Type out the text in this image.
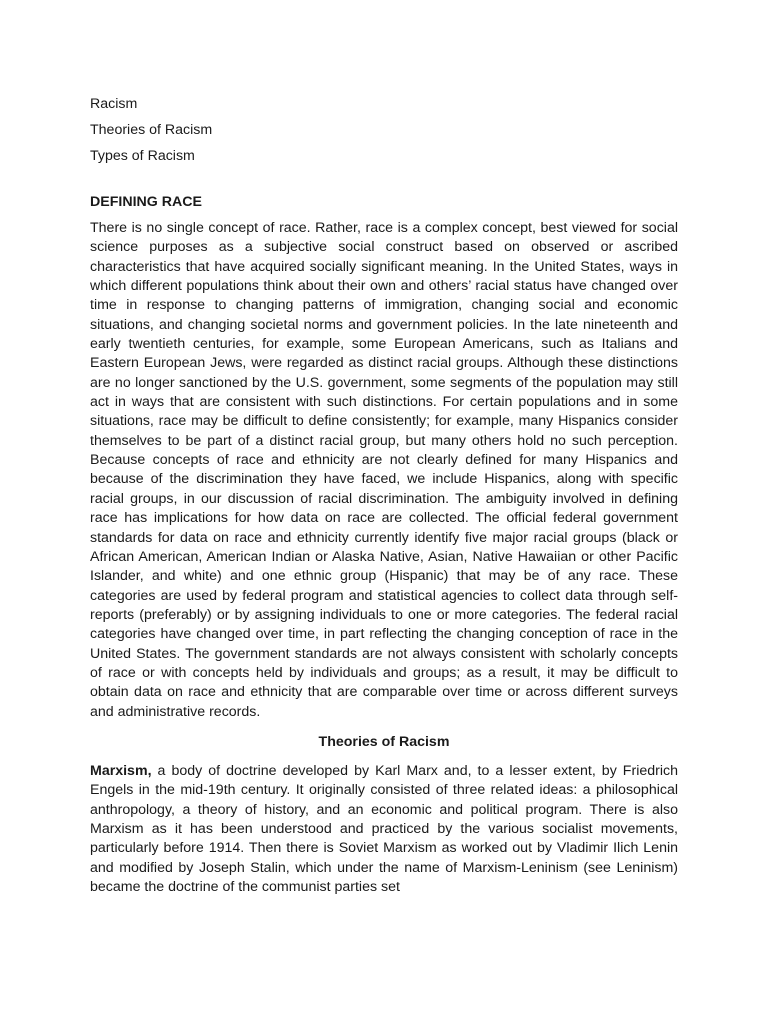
Racism

Theories of Racism

Types of Racism

DEFINING RACE

There is no single concept of race. Rather, race is a complex concept, best viewed for social science purposes as a subjective social construct based on observed or ascribed characteristics that have acquired socially significant meaning. In the United States, ways in which different populations think about their own and others’ racial status have changed over time in response to changing patterns of immigration, changing social and economic situations, and changing societal norms and government policies. In the late nineteenth and early twentieth centuries, for example, some European Americans, such as Italians and Eastern European Jews, were regarded as distinct racial groups. Although these distinctions are no longer sanctioned by the U.S. government, some segments of the population may still act in ways that are consistent with such distinctions. For certain populations and in some situations, race may be difficult to define consistently; for example, many Hispanics consider themselves to be part of a distinct racial group, but many others hold no such perception. Because concepts of race and ethnicity are not clearly defined for many Hispanics and because of the discrimination they have faced, we include Hispanics, along with specific racial groups, in our discussion of racial discrimination. The ambiguity involved in defining race has implications for how data on race are collected. The official federal government standards for data on race and ethnicity currently identify five major racial groups (black or African American, American Indian or Alaska Native, Asian, Native Hawaiian or other Pacific Islander, and white) and one ethnic group (Hispanic) that may be of any race. These categories are used by federal program and statistical agencies to collect data through self-reports (preferably) or by assigning individuals to one or more categories. The federal racial categories have changed over time, in part reflecting the changing conception of race in the United States. The government standards are not always consistent with scholarly concepts of race or with concepts held by individuals and groups; as a result, it may be difficult to obtain data on race and ethnicity that are comparable over time or across different surveys and administrative records.

Theories of Racism

Marxism, a body of doctrine developed by Karl Marx and, to a lesser extent, by Friedrich Engels in the mid-19th century. It originally consisted of three related ideas: a philosophical anthropology, a theory of history, and an economic and political program. There is also Marxism as it has been understood and practiced by the various socialist movements, particularly before 1914. Then there is Soviet Marxism as worked out by Vladimir Ilich Lenin and modified by Joseph Stalin, which under the name of Marxism-Leninism (see Leninism) became the doctrine of the communist parties set
